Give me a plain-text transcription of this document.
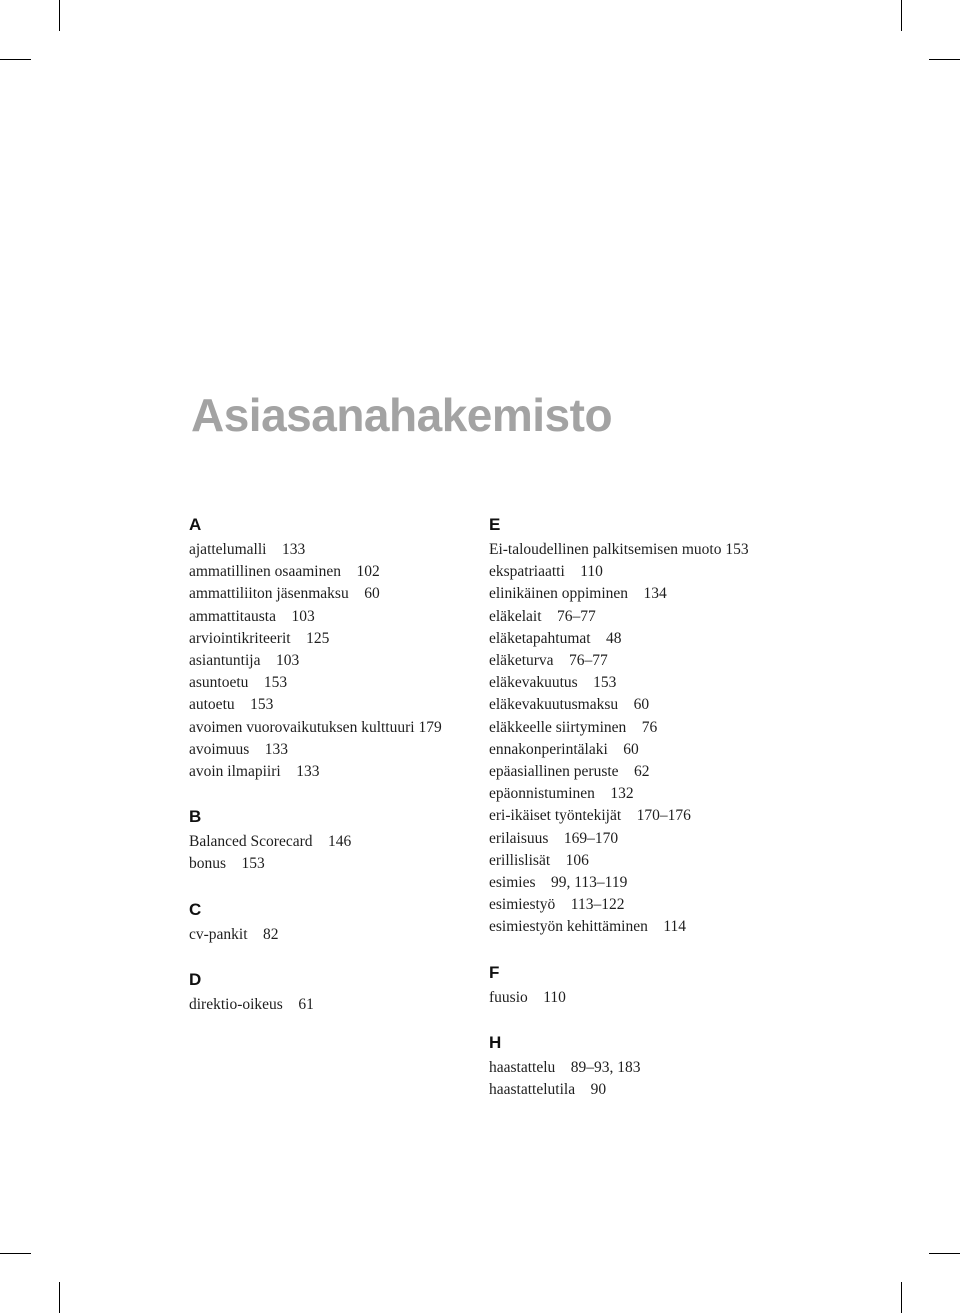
Asiasanahakemisto
A
ajattelumalli 133
ammatillinen osaaminen 102
ammattiliiton jäsenmaksu 60
ammattitausta 103
arviointikriteerit 125
asiantuntija 103
asuntoetu 153
autoetu 153
avoimen vuorovaikutuksen kulttuuri 179
avoimuus 133
avoin ilmapiiri 133
B
Balanced Scorecard 146
bonus 153
C
cv-pankit 82
D
direktio-oikeus 61
E
Ei-taloudellinen palkitsemisen muoto 153
ekspatriaatti 110
elinikäinen oppiminen 134
eläkelait 76–77
eläketapahtumat 48
eläketurva 76–77
eläkevakuutus 153
eläkevakuutusmaksu 60
eläkkeelle siirtyminen 76
ennakonperintälaki 60
epäasiallinen peruste 62
epäonnistuminen 132
eri-ikäiset työntekijät 170–176
erilaisuus 169–170
erillislisät 106
esimies 99, 113–119
esimiestyö 113–122
esimiestyön kehittäminen 114
F
fuusio 110
H
haastattelu 89–93, 183
haastattelutila 90
